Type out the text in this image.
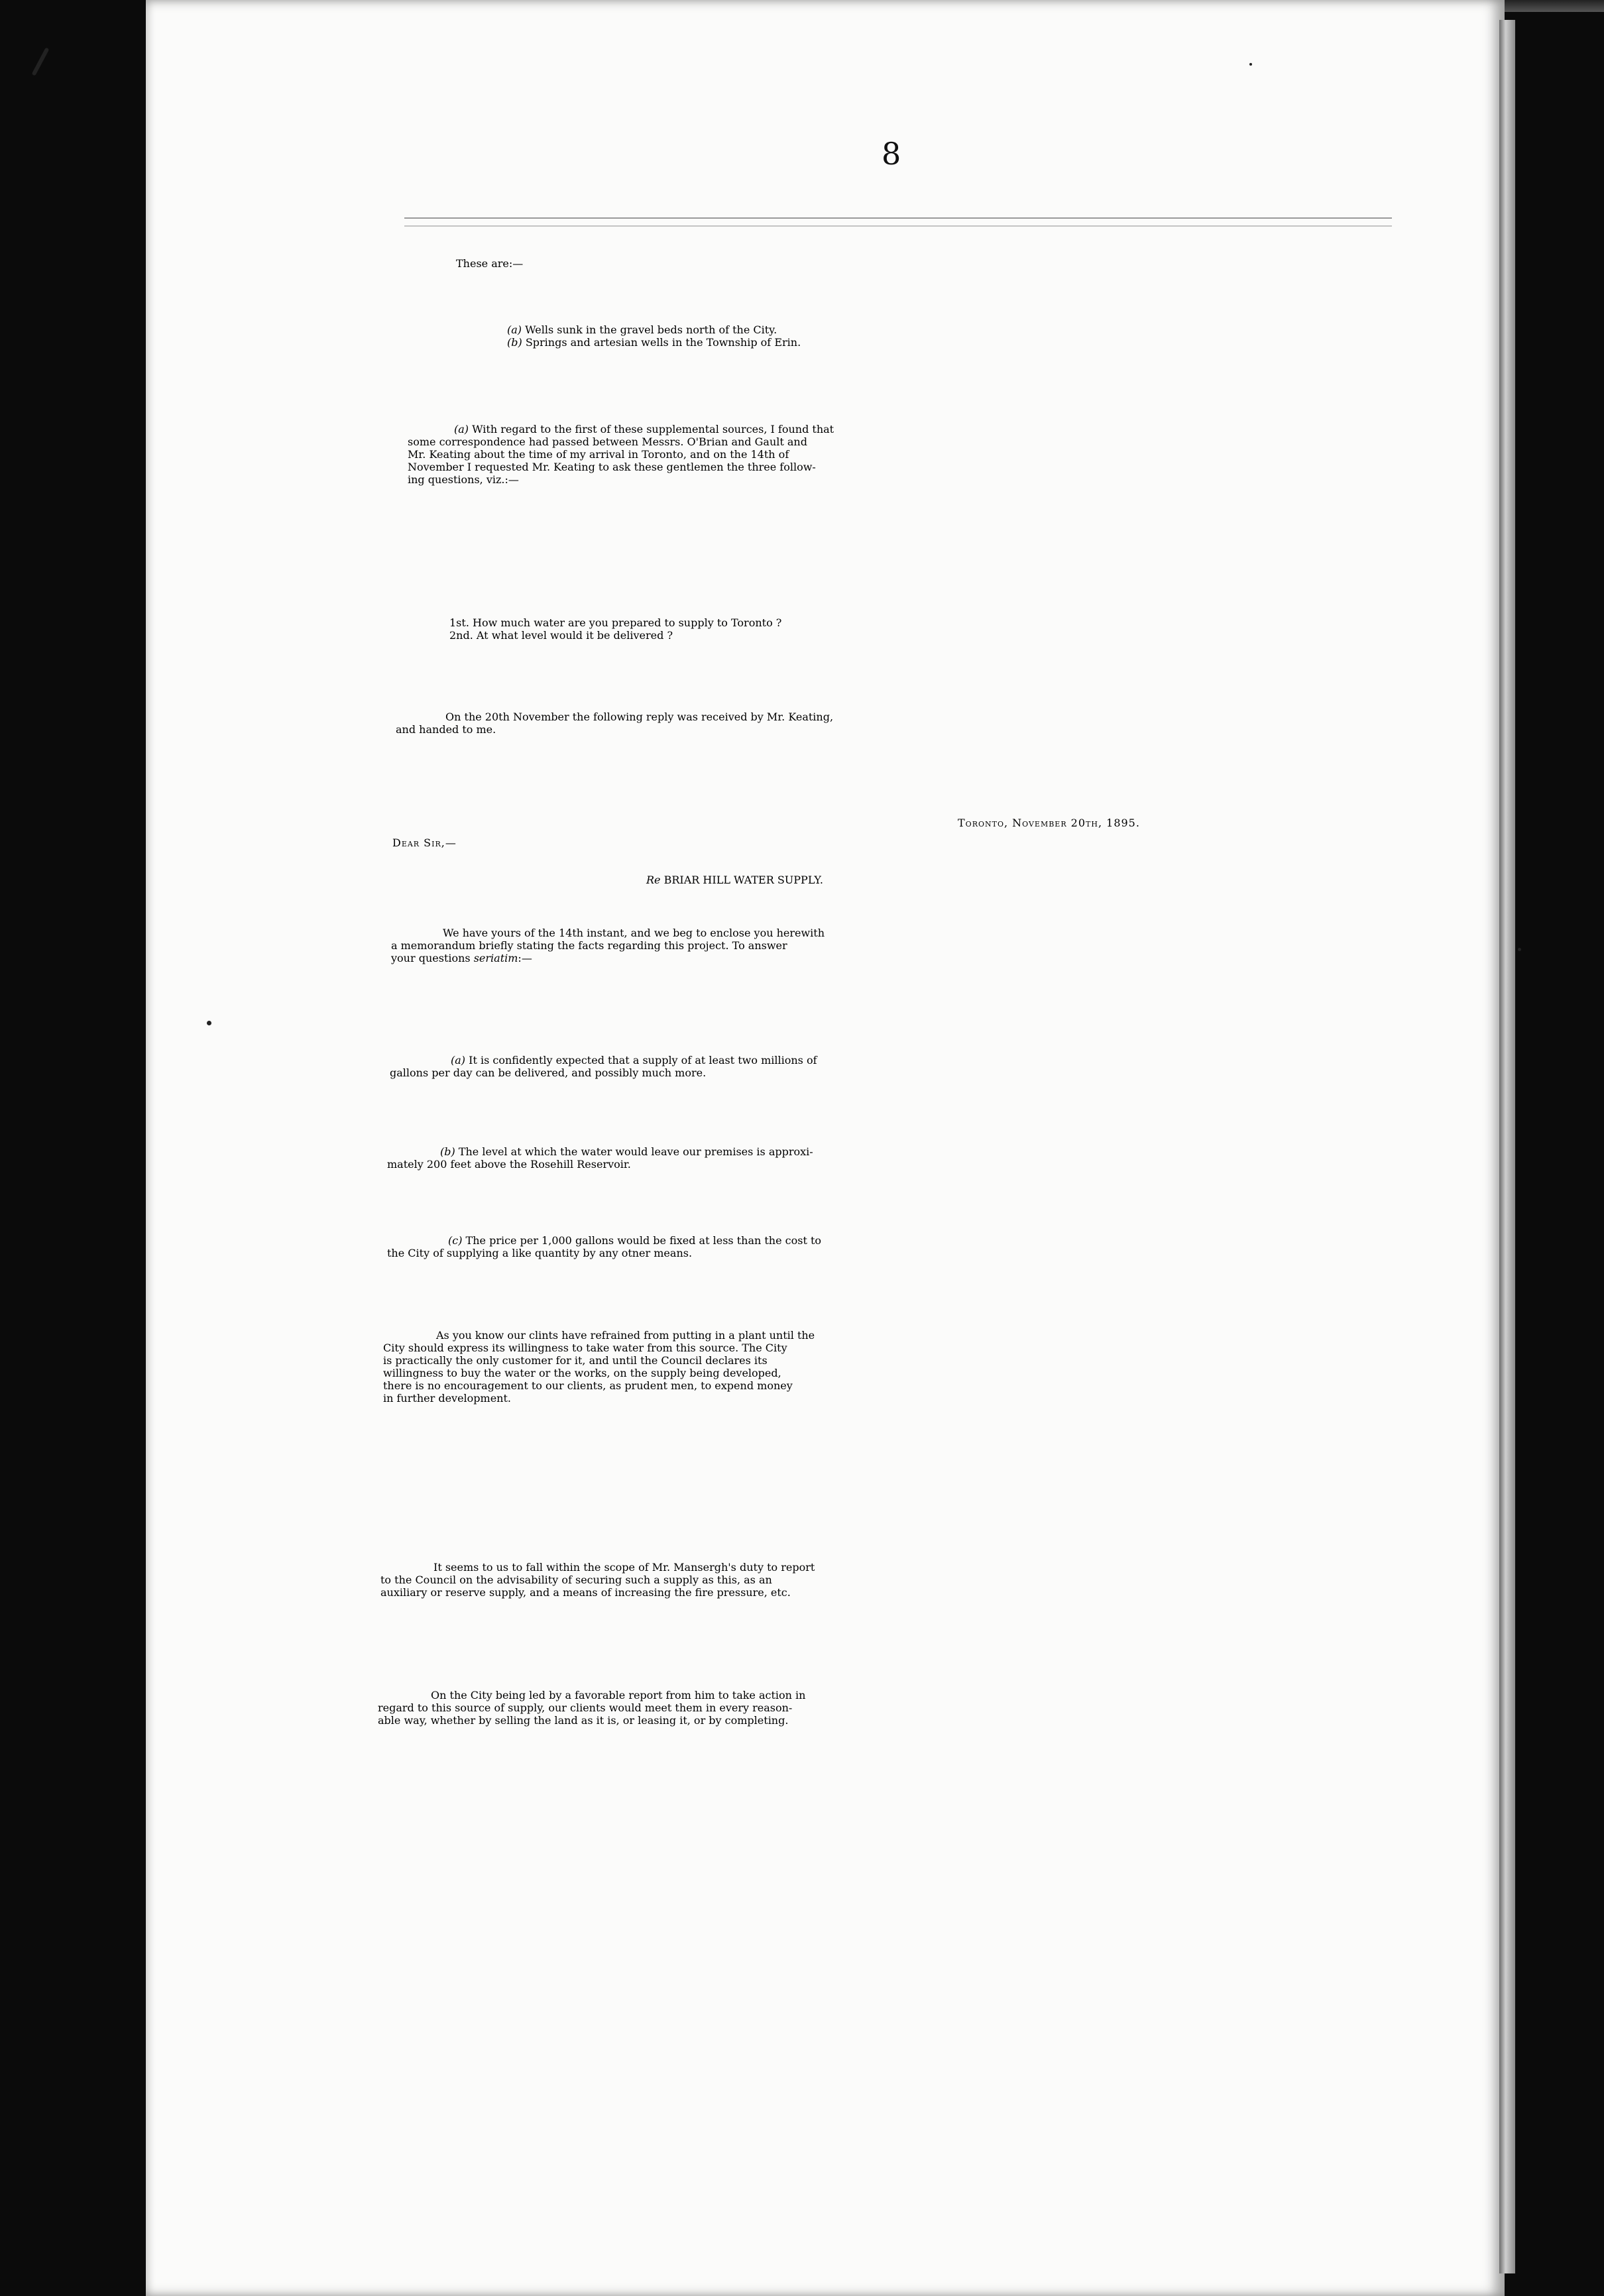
8
These are:—
(a) Wells sunk in the gravel beds north of the City.
(b) Springs and artesian wells in the Township of Erin.
(a) With regard to the first of these supplemental sources, I found that
some correspondence had passed between Messrs. O'Brian and Gault and
Mr. Keating about the time of my arrival in Toronto, and on the 14th of
November I requested Mr. Keating to ask these gentlemen the three follow-
ing questions, viz.:—
1st. How much water are you prepared to supply to Toronto ?
2nd. At what level would it be delivered ?
On the 20th November the following reply was received by Mr. Keating,
and handed to me.
Toronto, November 20th, 1895.
Dear Sir,—
Re BRIAR HILL WATER SUPPLY.
We have yours of the 14th instant, and we beg to enclose you herewith
a memorandum briefly stating the facts regarding this project. To answer
your questions seriatim:—
(a) It is confidently expected that a supply of at least two millions of
gallons per day can be delivered, and possibly much more.
(b) The level at which the water would leave our premises is approxi-
mately 200 feet above the Rosehill Reservoir.
(c) The price per 1,000 gallons would be fixed at less than the cost to
the City of supplying a like quantity by any otner means.
As you know our clints have refrained from putting in a plant until the
City should express its willingness to take water from this source. The City
is practically the only customer for it, and until the Council declares its
willingness to buy the water or the works, on the supply being developed,
there is no encouragement to our clients, as prudent men, to expend money
in further development.
It seems to us to fall within the scope of Mr. Mansergh's duty to report
to the Council on the advisability of securing such a supply as this, as an
auxiliary or reserve supply, and a means of increasing the fire pressure, etc.
On the City being led by a favorable report from him to take action in
regard to this source of supply, our clients would meet them in every reason-
able way, whether by selling the land as it is, or leasing it, or by completing.
